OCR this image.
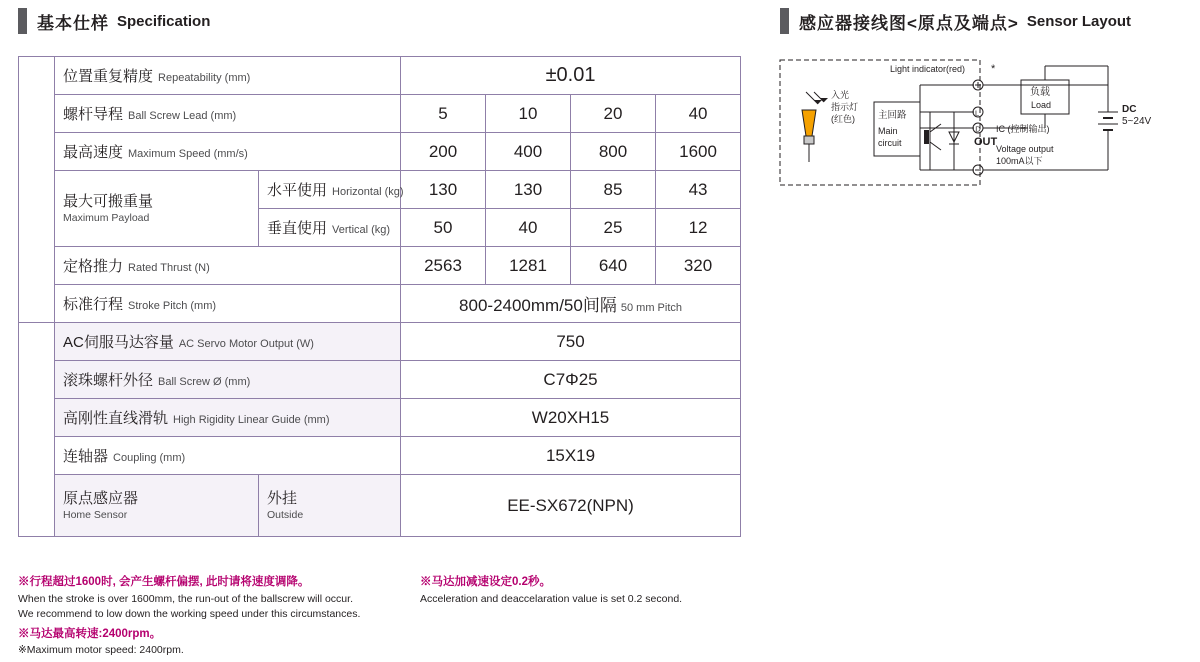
基本仕样 Specification	感应器接线图<原点及端点> Sensor Layout
规格
Spec	位置重复精度 Repeatability (mm)		±0.01			

	螺杆导程 Ball Screw Lead (mm)		5	10	20	40

	最高速度 Maximum Speed (mm/s)		200	400	800	1600

	最大可搬重量
Maximum Payload	水平使用 Horizontal (kg)	130	130	85	43

		垂直使用 Vertical (kg)	50	40	25	12

	定格推力 Rated Thrust (N)		2563	1281	640	320

	标准行程 Stroke Pitch (mm)		800-2400mm/50间隔 50 mm Pitch			

部品
Parts	AC伺服马达容量 AC Servo Motor Output (W)		750			

	滚珠螺杆外径 Ball Screw Ø (mm)		C7Φ25			

	高刚性直线滑轨 High Rigidity Linear Guide (mm)		W20XH15			

	连轴器 Coupling (mm)		15X19			

	原点感应器
Home Sensor	外挂
Outside	EE-SX672(NPN)			

※行程超过1600时, 会产生螺杆偏摆, 此时请将速度调降。

When the stroke is over 1600mm, the run-out of the ballscrew will occur.

We recommend to low down the working speed under this circumstances.

※马达最高转速:2400rpm。

※Maximum motor speed: 2400rpm.

※马达加减速设定0.2秒。

Acceleration and deaccelaration value is set 0.2 second.

入光
指示灯
(红色)
Light indicator(red)
主回路
Main
circuit
L
D
*
OUT
IC (控制输出)
Voltage output
100mA以下
负载
Load	DC
5~24V
